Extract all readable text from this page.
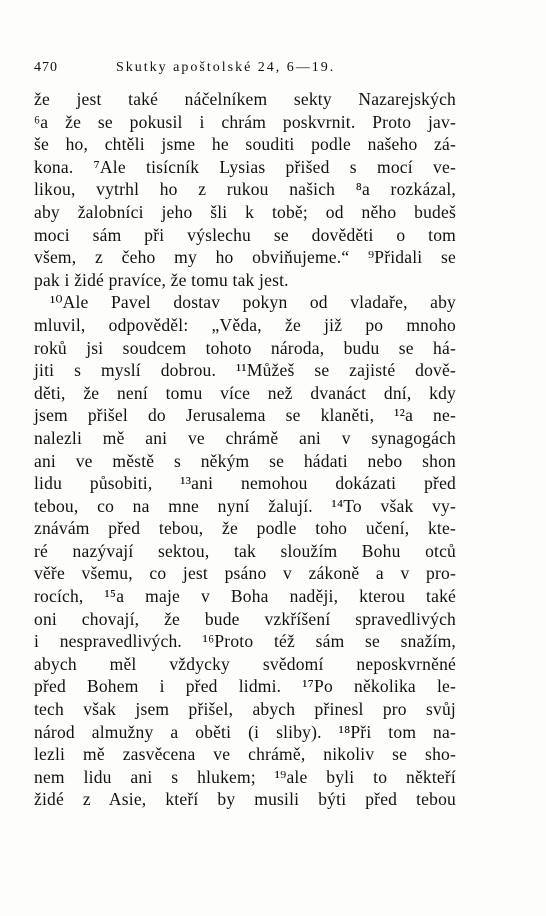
470	Skutky apoštolské 24, 6—19.
že jest také náčelníkem sekty Nazarejských
⁶a že se pokusil i chrám poskvrnit. Proto jav-
še ho, chtěli jsme he souditi podle našeho zá-
kona. ⁷Ale tisícník Lysias přišed s mocí ve-
likou, vytrhl ho z rukou našich ⁸a rozkázal,
aby žalobníci jeho šli k tobě; od něho budeš
moci sám při výslechu se dověděti o tom
všem, z čeho my ho obviňujeme.“ ⁹Přidali se
pak i židé pravíce, že tomu tak jest.
¹⁰Ale Pavel dostav pokyn od vladaře, aby
mluvil, odpověděl: „Věda, že již po mnoho
roků jsi soudcem tohoto národa, budu se há-
jiti s myslí dobrou. ¹¹Můžeš se zajisté dově-
děti, že není tomu více než dvanáct dní, kdy
jsem přišel do Jerusalema se klaněti, ¹²a ne-
nalezli mě ani ve chrámě ani v synagogách
ani ve městě s někým se hádati nebo shon
lidu působiti, ¹³ani nemohou dokázati před
tebou, co na mne nyní žalují. ¹⁴To však vy-
znávám před tebou, že podle toho učení, kte-
ré nazývají sektou, tak sloužím Bohu otců
věře všemu, co jest psáno v zákoně a v pro-
rocích, ¹⁵a maje v Boha naději, kterou také
oni chovají, že bude vzkříšení spravedlivých
i nespravedlivých. ¹⁶Proto též sám se snažím,
abych měl vždycky svědomí neposkvrněné
před Bohem i před lidmi. ¹⁷Po několika le-
tech však jsem přišel, abych přinesl pro svůj
národ almužny a oběti (i sliby). ¹⁸Při tom na-
lezli mě zasvěcena ve chrámě, nikoliv se sho-
nem lidu ani s hlukem; ¹⁹ale byli to někteří
židé z Asie, kteří by musili býti před tebou
